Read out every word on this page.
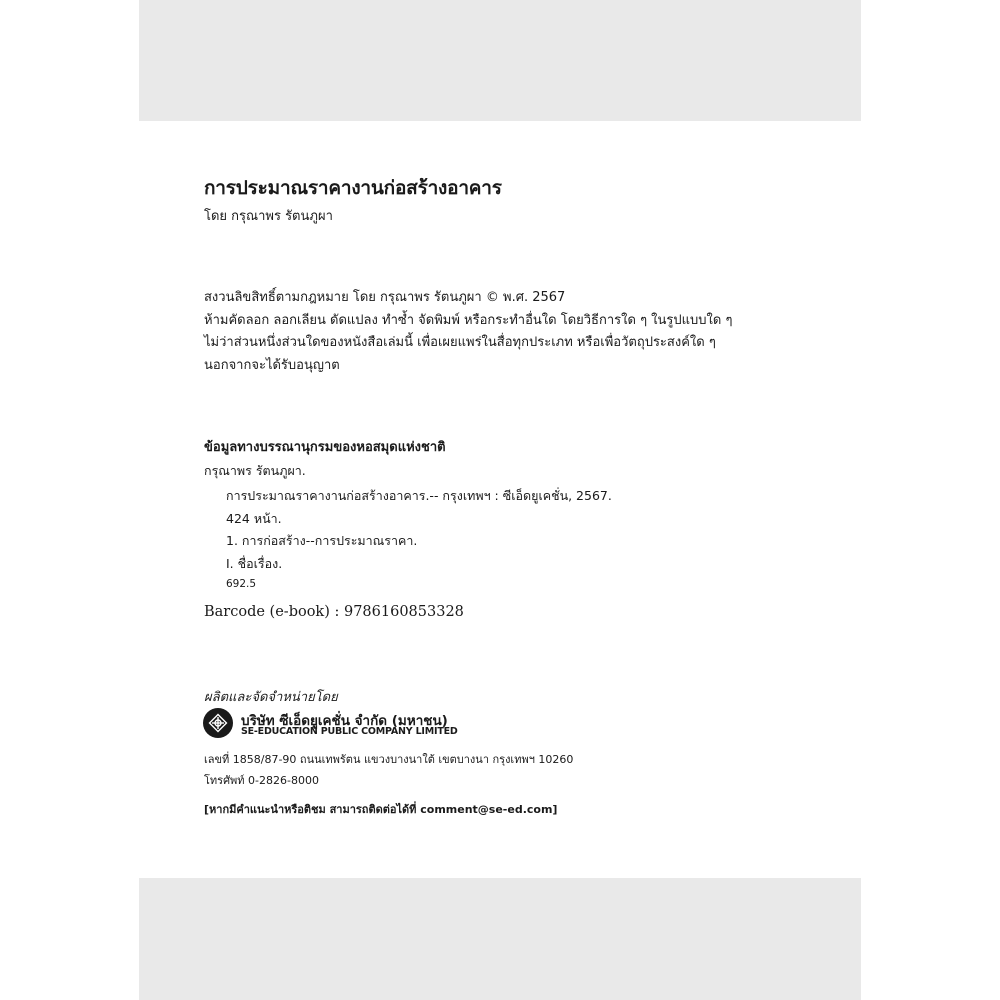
การประมาณราคางานก่อสร้างอาคาร
โดย กรุณาพร รัตนภูผา
สงวนลิขสิทธิ์ตามกฎหมาย โดย กรุณาพร รัตนภูผา © พ.ศ. 2567
ห้ามคัดลอก ลอกเลียน ดัดแปลง ทำซ้ำ จัดพิมพ์ หรือกระทำอื่นใด โดยวิธีการใด ๆ ในรูปแบบใด ๆ
ไม่ว่าส่วนหนึ่งส่วนใดของหนังสือเล่มนี้ เพื่อเผยแพร่ในสื่อทุกประเภท หรือเพื่อวัตถุประสงค์ใด ๆ
นอกจากจะได้รับอนุญาต
ข้อมูลทางบรรณานุกรมของหอสมุดแห่งชาติ
กรุณาพร รัตนภูผา.
การประมาณราคางานก่อสร้างอาคาร.-- กรุงเทพฯ : ซีเอ็ดยูเคชั่น, 2567.
424 หน้า.
1. การก่อสร้าง--การประมาณราคา.
I. ชื่อเรื่อง.
692.5
Barcode (e-book) : 9786160853328
ผลิตและจัดจำหน่ายโดย
บริษัท ซีเอ็ดยูเคชั่น จำกัด (มหาชน)
SE-EDUCATION PUBLIC COMPANY LIMITED
เลขที่ 1858/87-90 ถนนเทพรัตน แขวงบางนาใต้ เขตบางนา กรุงเทพฯ 10260
โทรศัพท์ 0-2826-8000
[หากมีคำแนะนำหรือติชม สามารถติดต่อได้ที่ comment@se-ed.com]
